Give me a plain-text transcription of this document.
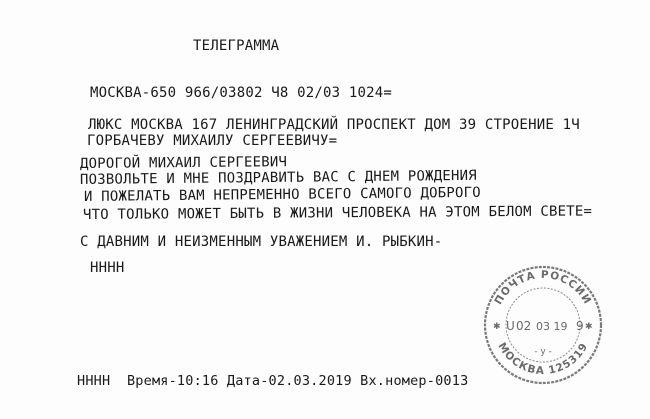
ТЕЛЕГРАММА
МОСКВА-650 966/03802 Ч8 02/03 1024=
ЛЮКС МОСКВА 167 ЛЕНИНГРАДСКИЙ ПРОСПЕКТ ДОМ 39 СТРОЕНИЕ 1Ч
ГОРБАЧЕВУ МИХАИЛУ СЕРГЕЕВИЧУ=
ДОРОГОЙ МИХАИЛ СЕРГЕЕВИЧ
ПОЗВОЛЬТЕ И МНЕ ПОЗДРАВИТЬ ВАС С ДНЕМ РОЖДЕНИЯ
И ПОЖЕЛАТЬ ВАМ НЕПРЕМЕННО ВСЕГО САМОГО ДОБРОГО
ЧТО ТОЛЬКО МОЖЕТ БЫТЬ В ЖИЗНИ ЧЕЛОВЕКА НА ЭТОМ БЕЛОМ СВЕТЕ=
С ДАВНИМ И НЕИЗМЕННЫМ УВАЖЕНИЕМ И. РЫБКИН-
НННН
НННН  Время-10:16 Дата-02.03.2019 Вх.номер-0013
ПОЧТА РОССИИ
МОСКВА 125319
✱	✱
U 02 03 19 9
- у -
